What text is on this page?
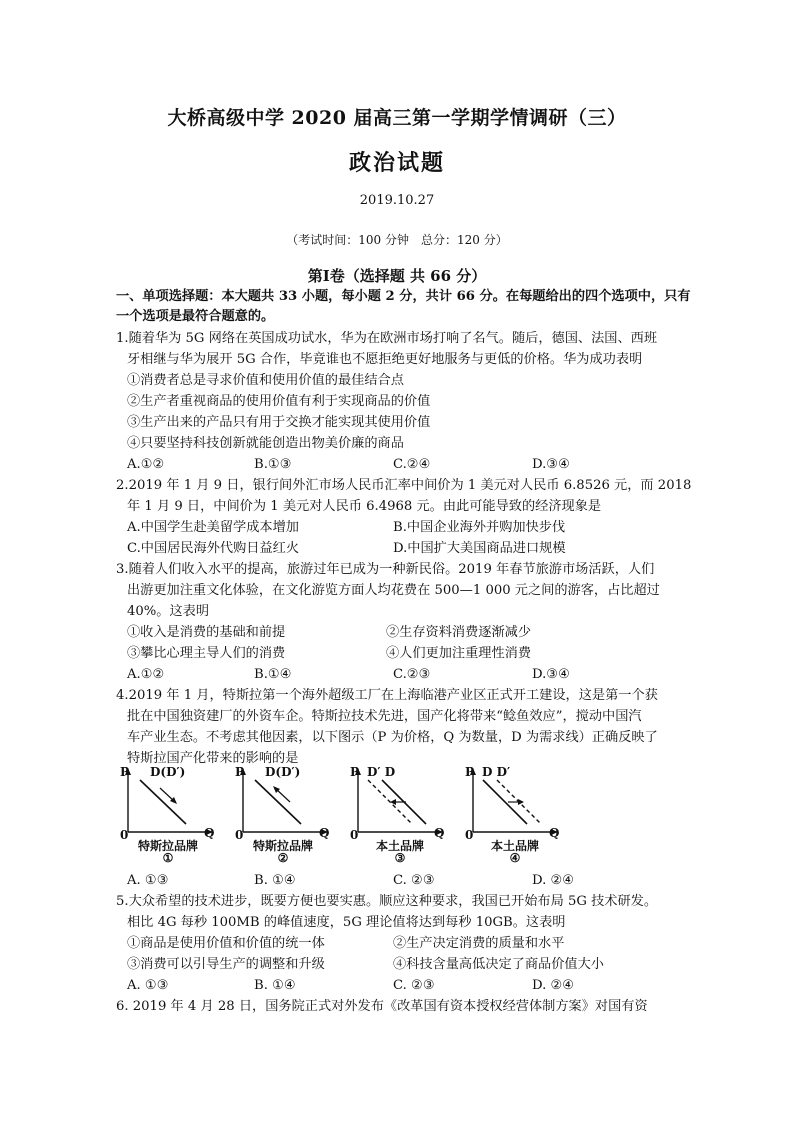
大桥高级中学 2020 届高三第一学期学情调研（三）
政治试题
2019.10.27
（考试时间：100 分钟　总分：120 分）
第Ⅰ卷（选择题 共 66 分）
一、单项选择题：本大题共 33 小题，每小题 2 分，共计 66 分。在每题给出的四个选项中，只有
一个选项是最符合题意的。
1.随着华为 5G 网络在英国成功试水，华为在欧洲市场打响了名气。随后，德国、法国、西班
牙相继与华为展开 5G 合作，毕竟谁也不愿拒绝更好地服务与更低的价格。华为成功表明
①消费者总是寻求价值和使用价值的最佳结合点
②生产者重视商品的使用价值有利于实现商品的价值
③生产出来的产品只有用于交换才能实现其使用价值
④只要坚持科技创新就能创造出物美价廉的商品
A.①②	B.①③	C.②④	D.③④
2.2019 年 1 月 9 日，银行间外汇市场人民币汇率中间价为 1 美元对人民币 6.8526 元，而 2018
年 1 月 9 日，中间价为 1 美元对人民币 6.4968 元。由此可能导致的经济现象是
A.中国学生赴美留学成本增加	B.中国企业海外并购加快步伐
C.中国居民海外代购日益红火	D.中国扩大美国商品进口规模
3.随着人们收入水平的提高，旅游过年已成为一种新民俗。2019 年春节旅游市场活跃，人们
出游更加注重文化体验，在文化游览方面人均花费在 500—1 000 元之间的游客，占比超过
40%。这表明
①收入是消费的基础和前提	②生存资料消费逐渐减少
③攀比心理主导人们的消费	④人们更加注重理性消费
A.①②	B.①④	C.②③	D.③④
4.2019 年 1 月，特斯拉第一个海外超级工厂在上海临港产业区正式开工建设，这是第一个获
批在中国独资建厂的外资车企。特斯拉技术先进，国产化将带来“鲶鱼效应”，搅动中国汽
车产业生态。不考虑其他因素，以下图示（P 为价格，Q 为数量，D 为需求线）正确反映了
特斯拉国产化带来的影响的是
P D(D′)
Q
0
P D(D′)
Q
0
P D′ D
Q
0
P D D′
Q
0
特斯拉品牌
①
特斯拉品牌
②
本土品牌
③
本土品牌
④
A. ①③	B. ①④	C. ②③	D. ②④
5.大众希望的技术进步，既要方便也要实惠。顺应这种要求，我国已开始布局 5G 技术研发。
相比 4G 每秒 100MB 的峰值速度，5G 理论值将达到每秒 10GB。这表明
①商品是使用价值和价值的统一体	②生产决定消费的质量和水平
③消费可以引导生产的调整和升级	④科技含量高低决定了商品价值大小
A. ①③	B. ①④	C. ②③	D. ②④
6. 2019 年 4 月 28 日，国务院正式对外发布《改革国有资本授权经营体制方案》对国有资
